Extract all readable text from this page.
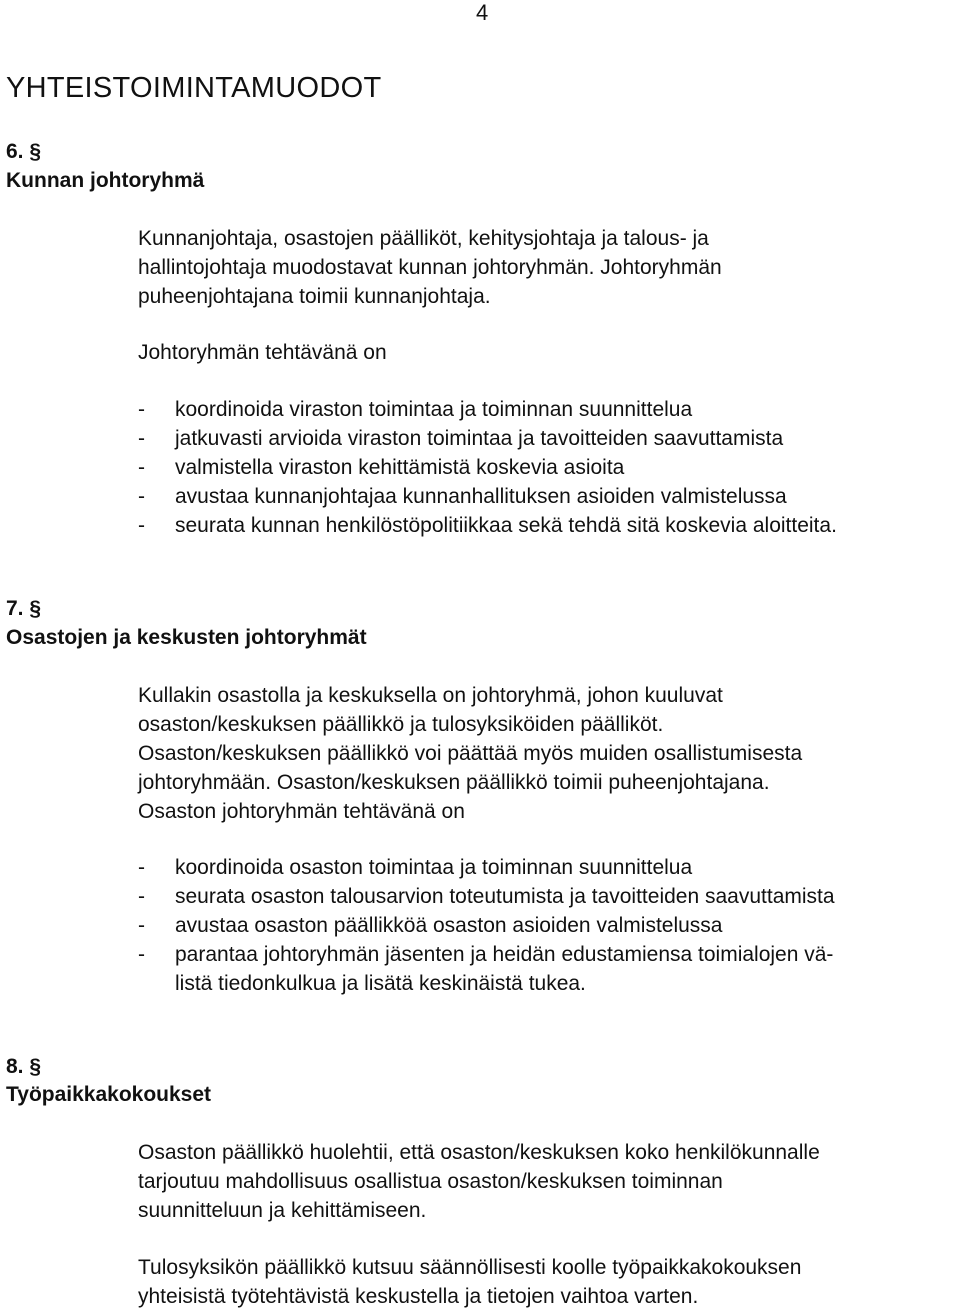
4
YHTEISTOIMINTAMUODOT
6. §
Kunnan johtoryhmä
Kunnanjohtaja, osastojen päälliköt, kehitysjohtaja ja talous- ja
hallintojohtaja muodostavat kunnan johtoryhmän. Johtoryhmän
puheenjohtajana toimii kunnanjohtaja.
Johtoryhmän tehtävänä on
-	koordinoida viraston toimintaa ja toiminnan suunnittelua
-	jatkuvasti arvioida viraston toimintaa ja tavoitteiden saavuttamista
-	valmistella viraston kehittämistä koskevia asioita
-	avustaa kunnanjohtajaa kunnanhallituksen asioiden valmistelussa
-	seurata kunnan henkilöstöpolitiikkaa sekä tehdä sitä koskevia aloitteita.
7. §
Osastojen ja keskusten johtoryhmät
Kullakin osastolla ja keskuksella on johtoryhmä, johon kuuluvat
osaston/keskuksen päällikkö ja tulosyksiköiden päälliköt.
Osaston/keskuksen päällikkö voi päättää myös muiden osallistumisesta
johtoryhmään. Osaston/keskuksen päällikkö toimii puheenjohtajana.
Osaston johtoryhmän tehtävänä on
-	koordinoida osaston toimintaa ja toiminnan suunnittelua
-	seurata osaston talousarvion toteutumista ja tavoitteiden saavuttamista
-	avustaa osaston päällikköä osaston asioiden valmistelussa
-	parantaa johtoryhmän jäsenten ja heidän edustamiensa toimialojen vä-
listä tiedonkulkua ja lisätä keskinäistä tukea.
8. §
Työpaikkakokoukset
Osaston päällikkö huolehtii, että osaston/keskuksen koko henkilökunnalle
tarjoutuu mahdollisuus osallistua osaston/keskuksen toiminnan
suunnitteluun ja kehittämiseen.
Tulosyksikön päällikkö kutsuu säännöllisesti koolle työpaikkakokouksen
yhteisistä työtehtävistä keskustella ja tietojen vaihtoa varten.
